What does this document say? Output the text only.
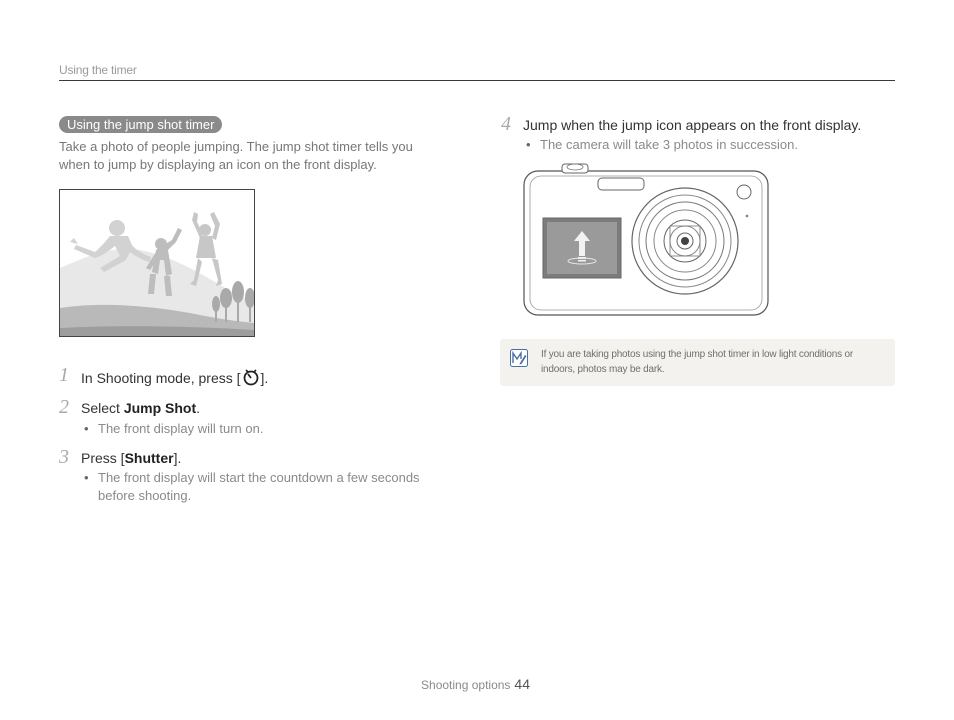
Using the timer
Using the jump shot timer
Take a photo of people jumping. The jump shot timer tells you when to jump by displaying an icon on the front display.
1 In Shooting mode, press [ ].
2 Select Jump Shot.
• The front display will turn on.
3 Press [Shutter].
• The front display will start the countdown a few seconds before shooting.
4 Jump when the jump icon appears on the front display.
• The camera will take 3 photos in succession.
If you are taking photos using the jump shot timer in low light conditions or indoors, photos may be dark.
Shooting options 44
